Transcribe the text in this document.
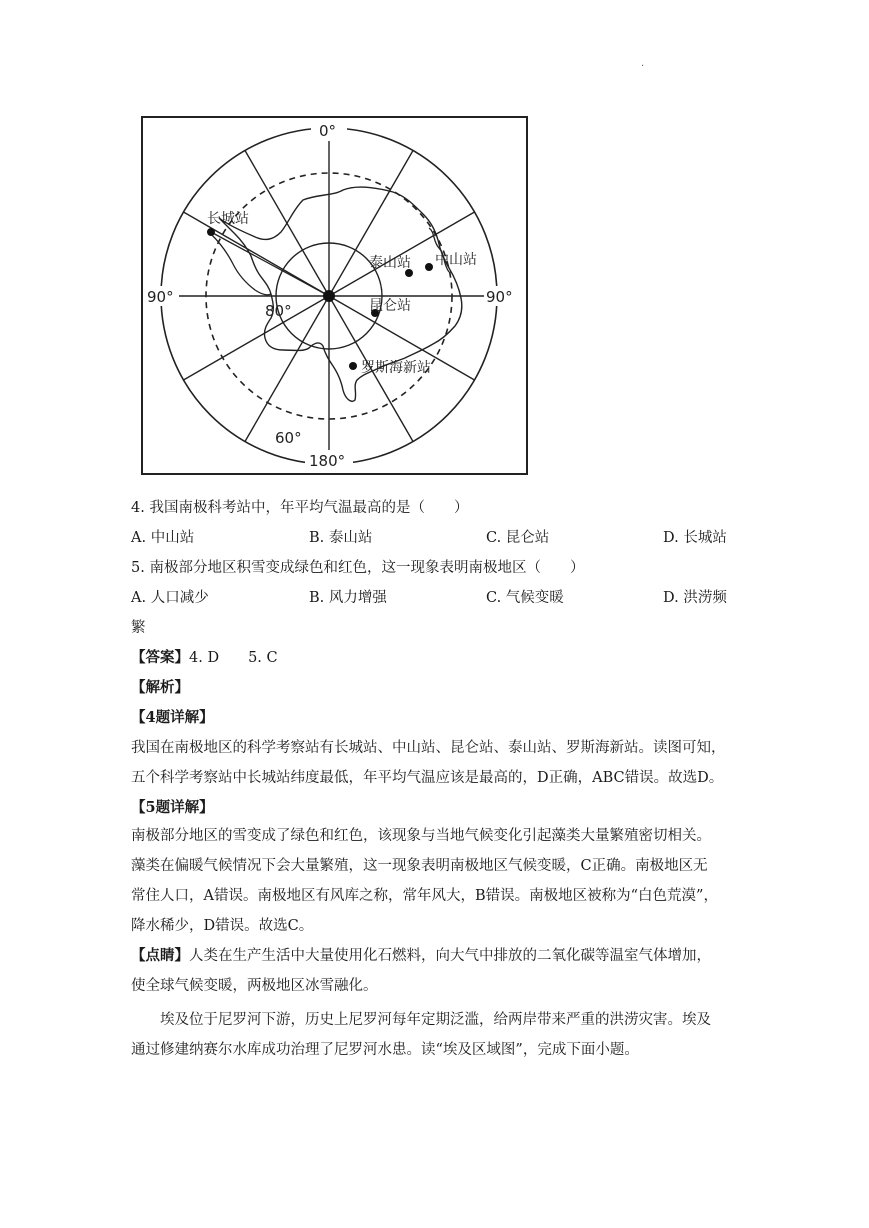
.
0°
90°	90°
180°
80°
60°
长城站
泰山站 中山站
昆仑站
罗斯海新站
4. 我国南极科考站中，年平均气温最高的是（　　）
A. 中山站	B. 泰山站	C. 昆仑站	D. 长城站
5. 南极部分地区积雪变成绿色和红色，这一现象表明南极地区（　　）
A. 人口减少	B. 风力增强	C. 气候变暖	D. 洪涝频
繁
【答案】4. D　　5. C
【解析】
【4题详解】
我国在南极地区的科学考察站有长城站、中山站、昆仑站、泰山站、罗斯海新站。读图可知，
五个科学考察站中长城站纬度最低，年平均气温应该是最高的，D正确，ABC错误。故选D。
【5题详解】
南极部分地区的雪变成了绿色和红色，该现象与当地气候变化引起藻类大量繁殖密切相关。
藻类在偏暖气候情况下会大量繁殖，这一现象表明南极地区气候变暖，C正确。南极地区无
常住人口，A错误。南极地区有风库之称，常年风大，B错误。南极地区被称为“白色荒漠”，
降水稀少，D错误。故选C。
【点睛】人类在生产生活中大量使用化石燃料，向大气中排放的二氧化碳等温室气体增加，
使全球气候变暖，两极地区冰雪融化。
埃及位于尼罗河下游，历史上尼罗河每年定期泛滥，给两岸带来严重的洪涝灾害。埃及
通过修建纳赛尔水库成功治理了尼罗河水患。读“埃及区域图”，完成下面小题。
